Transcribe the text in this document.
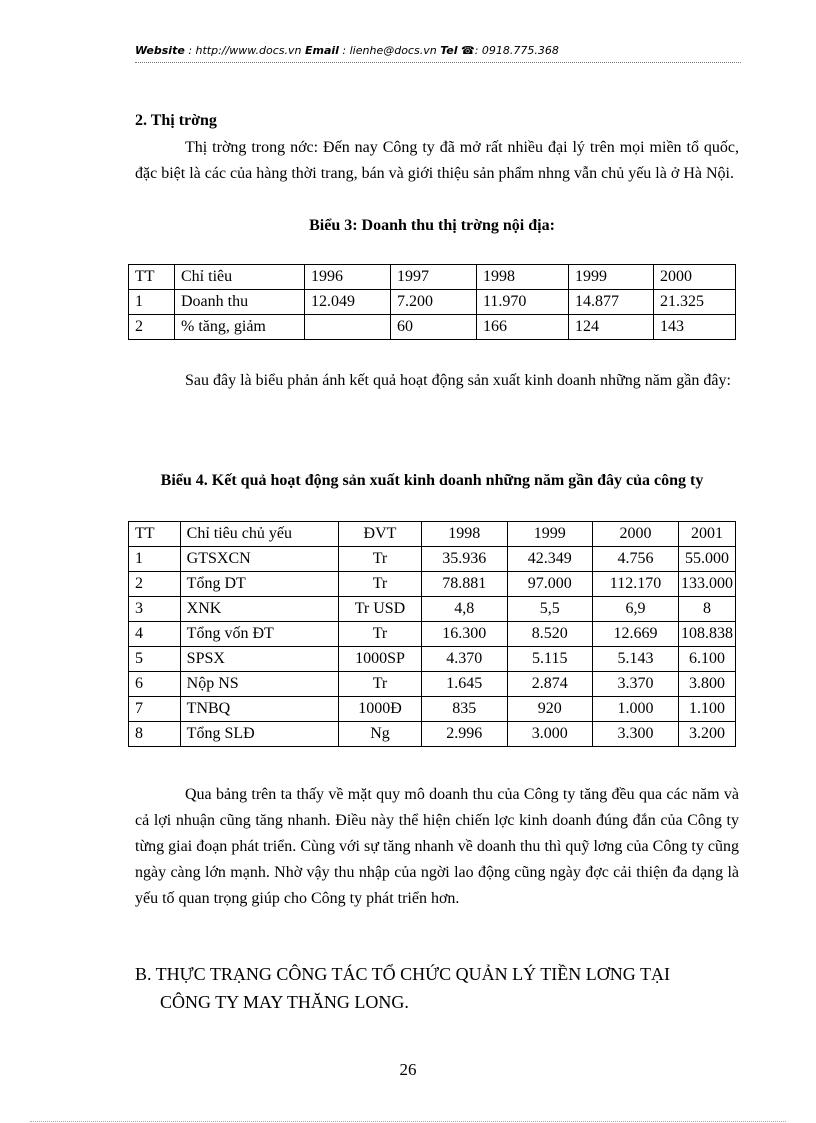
Website : http://www.docs.vn Email : lienhe@docs.vn Tel ☎: 0918.775.368
2. Thị trờng

Thị trờng trong nớc: Đến nay Công ty đã mở rất nhiều đại lý trên mọi miền tổ quốc, đặc biệt là các của hàng thời trang, bán và giới thiệu sản phẩm nhng vẫn chủ yếu là ở Hà Nội.

Biểu 3: Doanh thu thị trờng nội địa:
TT	Chỉ tiêu	1996	1997	1998	1999	2000
1	Doanh thu	12.049	7.200	11.970	14.877	21.325
2	% tăng, giảm		60	166	124	143

Sau đây là biểu phản ánh kết quả hoạt động sản xuất kinh doanh những năm gần đây:

Biểu 4. Kết quả hoạt động sản xuất kinh doanh những năm gần đây của công ty
TT	Chỉ tiêu chủ yếu	ĐVT	1998	1999	2000	2001
1	GTSXCN	Tr	35.936	42.349	4.756	55.000
2	Tổng DT	Tr	78.881	97.000	112.170	133.000
3	XNK	Tr USD	4,8	5,5	6,9	8
4	Tổng vốn ĐT	Tr	16.300	8.520	12.669	108.838
5	SPSX	1000SP	4.370	5.115	5.143	6.100
6	Nộp NS	Tr	1.645	2.874	3.370	3.800
7	TNBQ	1000Đ	835	920	1.000	1.100
8	Tổng SLĐ	Ng	2.996	3.000	3.300	3.200

Qua bảng trên ta thấy về mặt quy mô doanh thu của Công ty tăng đều qua các năm và cả lợi nhuận cũng tăng nhanh. Điều này thể hiện chiến lợc kinh doanh đúng đắn của Công ty từng giai đoạn phát triển. Cùng với sự tăng nhanh về doanh thu thì quỹ lơng của Công ty cũng ngày càng lớn mạnh. Nhờ vậy thu nhập của ngời lao động cũng ngày đợc cải thiện đa dạng là yếu tố quan trọng giúp cho Công ty phát triển hơn.

B. THỰC TRẠNG CÔNG TÁC TỔ CHỨC QUẢN LÝ TIỀN LƠNG TẠI
CÔNG TY MAY THĂNG LONG.
26
